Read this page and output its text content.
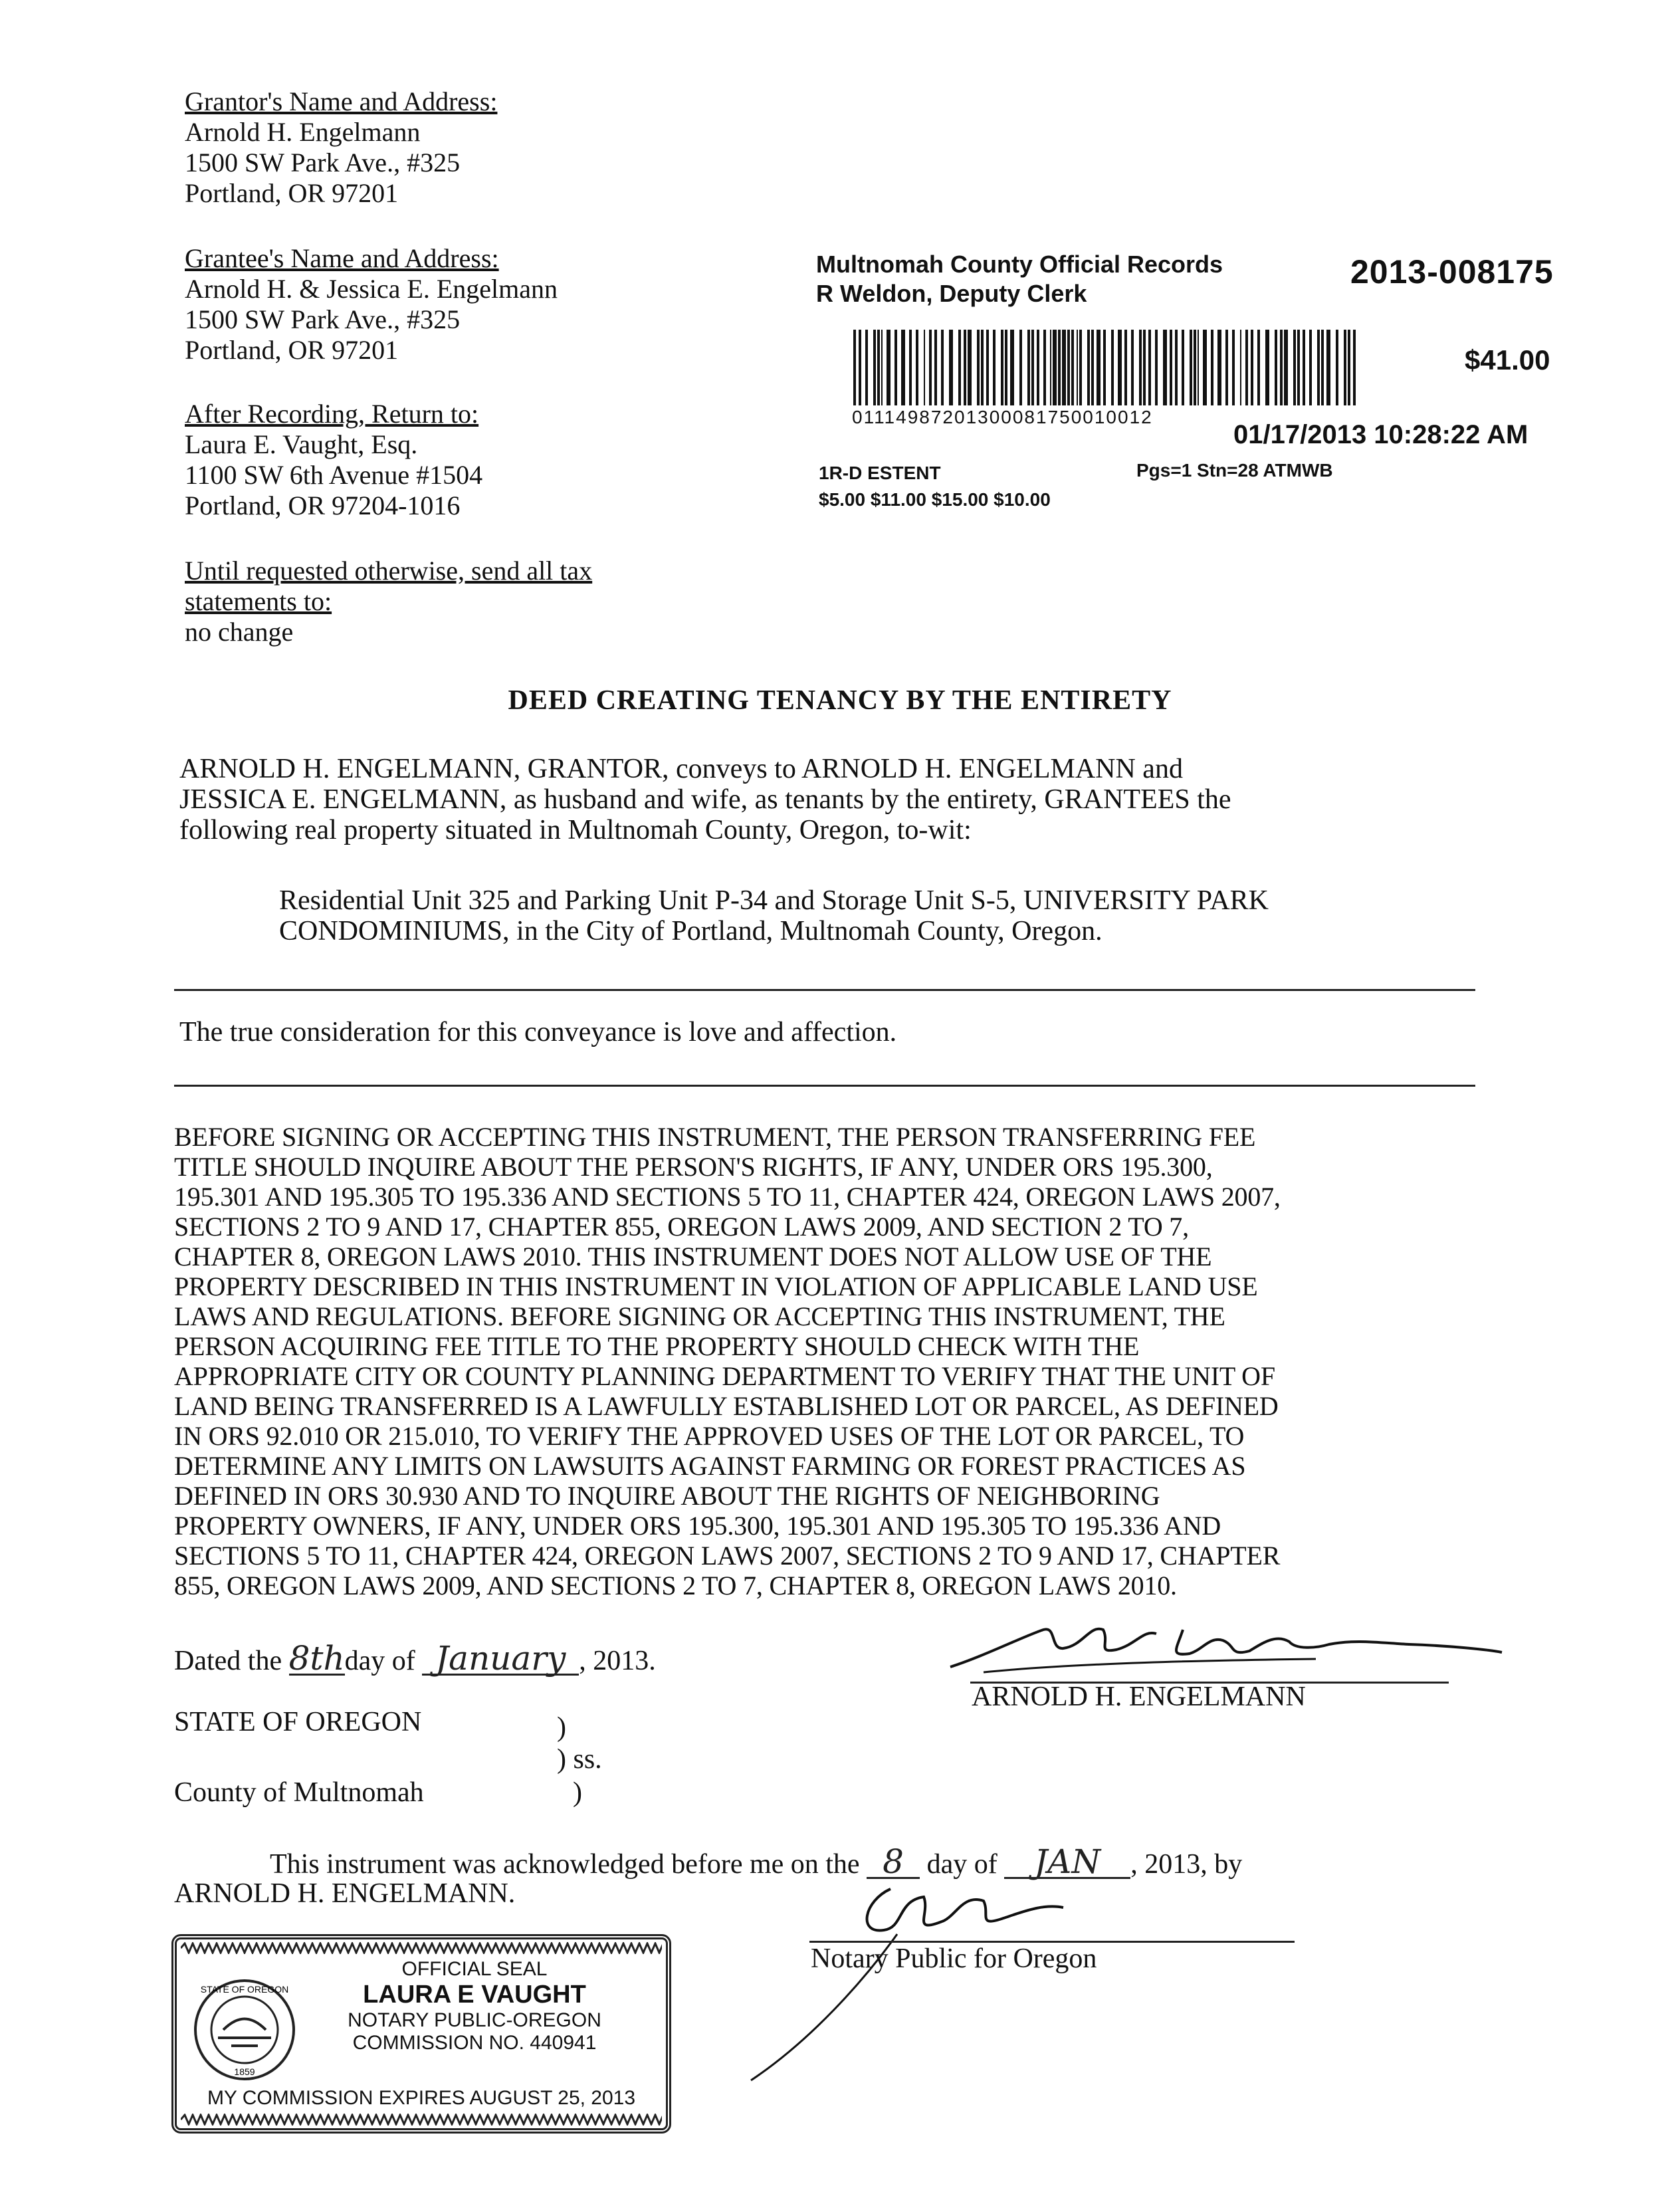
Grantor's Name and Address:
Arnold H. Engelmann
1500 SW Park Ave., #325
Portland, OR 97201
Grantee's Name and Address:
Arnold H. & Jessica E. Engelmann
1500 SW Park Ave., #325
Portland, OR 97201
After Recording, Return to:
Laura E. Vaught, Esq.
1100 SW 6th Avenue #1504
Portland, OR 97204-1016
Until requested otherwise, send all tax
statements to:
no change
Multnomah County Official Records
R Weldon, Deputy Clerk
2013-008175
$41.00
01114987201300081750010012
01/17/2013 10:28:22 AM
1R-D ESTENT	Pgs=1 Stn=28 ATMWB
$5.00 $11.00 $15.00 $10.00
DEED CREATING TENANCY BY THE ENTIRETY
ARNOLD H. ENGELMANN, GRANTOR, conveys to ARNOLD H. ENGELMANN and
JESSICA E. ENGELMANN, as husband and wife, as tenants by the entirety, GRANTEES the
following real property situated in Multnomah County, Oregon, to-wit:
Residential Unit 325 and Parking Unit P-34 and Storage Unit S-5, UNIVERSITY PARK
CONDOMINIUMS, in the City of Portland, Multnomah County, Oregon.
The true consideration for this conveyance is love and affection.
BEFORE SIGNING OR ACCEPTING THIS INSTRUMENT, THE PERSON TRANSFERRING FEE
TITLE SHOULD INQUIRE ABOUT THE PERSON'S RIGHTS, IF ANY, UNDER ORS 195.300,
195.301 AND 195.305 TO 195.336 AND SECTIONS 5 TO 11, CHAPTER 424, OREGON LAWS 2007,
SECTIONS 2 TO 9 AND 17, CHAPTER 855, OREGON LAWS 2009, AND SECTION 2 TO 7,
CHAPTER 8, OREGON LAWS 2010. THIS INSTRUMENT DOES NOT ALLOW USE OF THE
PROPERTY DESCRIBED IN THIS INSTRUMENT IN VIOLATION OF APPLICABLE LAND USE
LAWS AND REGULATIONS. BEFORE SIGNING OR ACCEPTING THIS INSTRUMENT, THE
PERSON ACQUIRING FEE TITLE TO THE PROPERTY SHOULD CHECK WITH THE
APPROPRIATE CITY OR COUNTY PLANNING DEPARTMENT TO VERIFY THAT THE UNIT OF
LAND BEING TRANSFERRED IS A LAWFULLY ESTABLISHED LOT OR PARCEL, AS DEFINED
IN ORS 92.010 OR 215.010, TO VERIFY THE APPROVED USES OF THE LOT OR PARCEL, TO
DETERMINE ANY LIMITS ON LAWSUITS AGAINST FARMING OR FOREST PRACTICES AS
DEFINED IN ORS 30.930 AND TO INQUIRE ABOUT THE RIGHTS OF NEIGHBORING
PROPERTY OWNERS, IF ANY, UNDER ORS 195.300, 195.301 AND 195.305 TO 195.336 AND
SECTIONS 5 TO 11, CHAPTER 424, OREGON LAWS 2007, SECTIONS 2 TO 9 AND 17, CHAPTER
855, OREGON LAWS 2009, AND SECTIONS 2 TO 7, CHAPTER 8, OREGON LAWS 2010.
Dated the 8thday of January , 2013.
ARNOLD H. ENGELMANN
STATE OF OREGON	)
) ss.
County of Multnomah	)
This instrument was acknowledged before me on the 8 day of JAN , 2013, by
ARNOLD H. ENGELMANN.
Notary Public for Oregon
STATE OF OREGON
1859
OFFICIAL SEAL
LAURA E VAUGHT
NOTARY PUBLIC-OREGON
COMMISSION NO. 440941
MY COMMISSION EXPIRES AUGUST 25, 2013
